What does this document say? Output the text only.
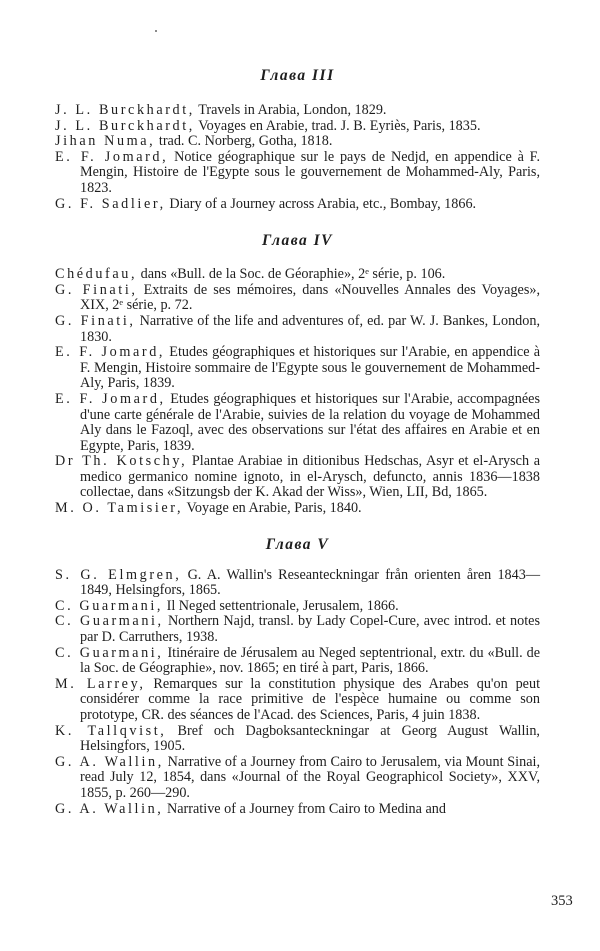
Глава III

J. L. Burckhardt, Travels in Arabia, London, 1829.

J. L. Burckhardt, Voyages en Arabie, trad. J. B. Eyriès, Paris, 1835.

Jihan Numa, trad. C. Norberg, Gotha, 1818.

E. F. Jomard, Notice géographique sur le pays de Nedjd, en appendice à F. Mengin, Histoire de l'Egypte sous le gouvernement de Mohammed-Aly, Paris, 1823.

G. F. Sadlier, Diary of a Journey across Arabia, etc., Bombay, 1866.

Глава IV

Chédufau, dans «Bull. de la Soc. de Géoraphie», 2ᵉ série, p. 106.

G. Finati, Extraits de ses mémoires, dans «Nouvelles Annales des Voyages», XIX, 2ᵉ série, p. 72.

G. Finati, Narrative of the life and adventures of, ed. par W. J. Bankes, London, 1830.

E. F. Jomard, Etudes géographiques et historiques sur l'Arabie, en appendice à F. Mengin, Histoire sommaire de l'Egypte sous le gouvernement de Mohammed-Aly, Paris, 1839.

E. F. Jomard, Etudes géographiques et historiques sur l'Arabie, accompagnées d'une carte générale de l'Arabie, suivies de la relation du voyage de Mohammed Aly dans le Fazoql, avec des observations sur l'état des affaires en Arabie et en Egypte, Paris, 1839.

Dr Th. Kotschy, Plantae Arabiae in ditionibus Hedschas, Asyr et el-Arysch a medico germanico nomine ignoto, in el-Arysch, defuncto, annis 1836—1838 collectae, dans «Sitzungsb der K. Akad der Wiss», Wien, LII, Bd, 1865.

M. O. Tamisier, Voyage en Arabie, Paris, 1840.

Глава V

S. G. Elmgren, G. A. Wallin's Reseanteckningar från orienten åren 1843—1849, Helsingfors, 1865.

C. Guarmani, Il Neged settentrionale, Jerusalem, 1866.

C. Guarmani, Northern Najd, transl. by Lady Copel-Cure, avec introd. et notes par D. Carruthers, 1938.

C. Guarmani, Itinéraire de Jérusalem au Neged septentrional, extr. du «Bull. de la Soc. de Géographie», nov. 1865; en tiré à part, Paris, 1866.

M. Larrey, Remarques sur la constitution physique des Arabes qu'on peut considérer comme la race primitive de l'espèce humaine ou comme son prototype, CR. des séances de l'Acad. des Sciences, Paris, 4 juin 1838.

K. Tallqvist, Bref och Dagboksanteckningar at Georg August Wallin, Helsingfors, 1905.

G. A. Wallin, Narrative of a Journey from Cairo to Jerusalem, via Mount Sinai, read July 12, 1854, dans «Journal of the Royal Geographicol Society», XXV, 1855, p. 260—290.

G. A. Wallin, Narrative of a Journey from Cairo to Medina and

353
